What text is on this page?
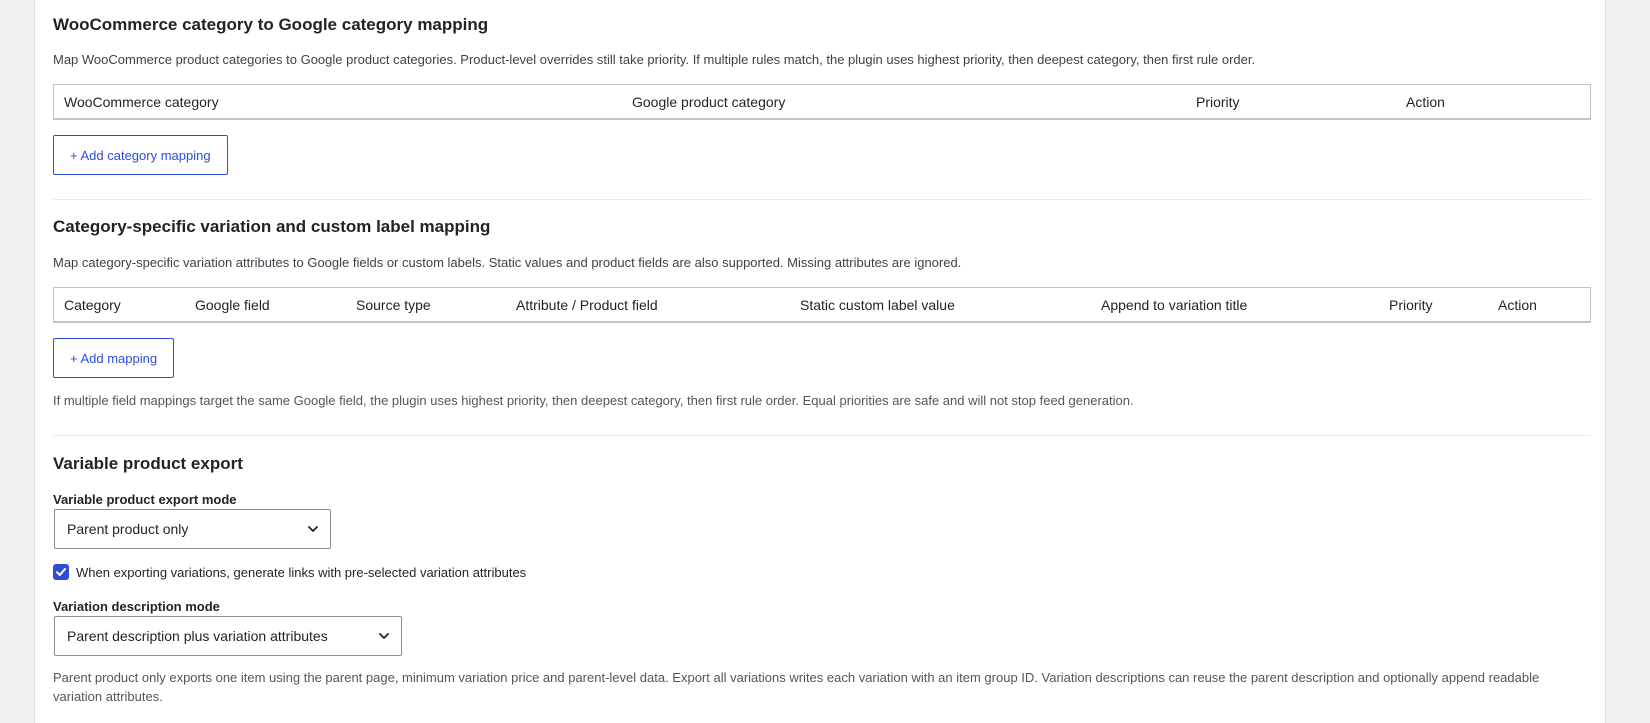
WooCommerce category to Google category mapping

Map WooCommerce product categories to Google product categories. Product-level overrides still take priority. If multiple rules match, the plugin uses highest priority, then deepest category, then first rule order.

WooCommerce category	Google product category	Priority	Action
+ Add category mapping
Category-specific variation and custom label mapping

Map category-specific variation attributes to Google fields or custom labels. Static values and product fields are also supported. Missing attributes are ignored.

Category	Google field	Source type	Attribute / Product field	Static custom label value	Append to variation title	Priority	Action
+ Add mapping

If multiple field mappings target the same Google field, the plugin uses highest priority, then deepest category, then first rule order. Equal priorities are safe and will not stop feed generation.

Variable product export
Variable product export mode
Parent product only
When exporting variations, generate links with pre-selected variation attributes
Variation description mode
Parent description plus variation attributes

Parent product only exports one item using the parent page, minimum variation price and parent-level data. Export all variations writes each variation with an item group ID. Variation descriptions can reuse the parent description and optionally append readable variation attributes.
